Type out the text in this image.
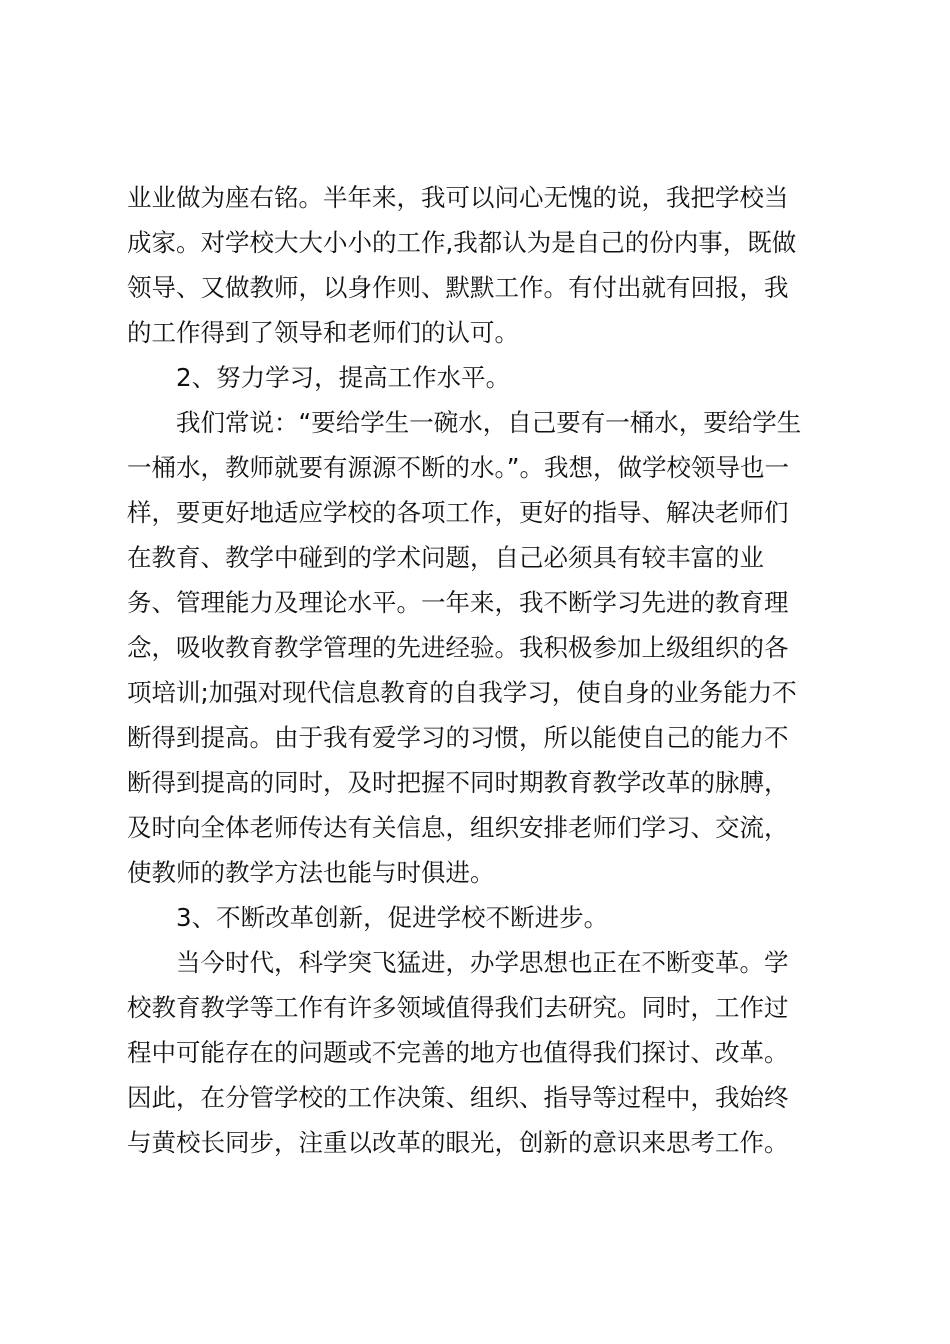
业业做为座右铭。半年来，我可以问心无愧的说，我把学校当
成家。对学校大大小小的工作,我都认为是自己的份内事，既做
领导、又做教师，以身作则、默默工作。有付出就有回报，我
的工作得到了领导和老师们的认可。
2、努力学习，提高工作水平。
我们常说：“要给学生一碗水，自己要有一桶水，要给学生
一桶水，教师就要有源源不断的水。”。我想，做学校领导也一
样，要更好地适应学校的各项工作，更好的指导、解决老师们
在教育、教学中碰到的学术问题，自己必须具有较丰富的业
务、管理能力及理论水平。一年来，我不断学习先进的教育理
念，吸收教育教学管理的先进经验。我积极参加上级组织的各
项培训;加强对现代信息教育的自我学习，使自身的业务能力不
断得到提高。由于我有爱学习的习惯，所以能使自己的能力不
断得到提高的同时，及时把握不同时期教育教学改革的脉膊，
及时向全体老师传达有关信息，组织安排老师们学习、交流，
使教师的教学方法也能与时俱进。
3、不断改革创新，促进学校不断进步。
当今时代，科学突飞猛进，办学思想也正在不断变革。学
校教育教学等工作有许多领域值得我们去研究。同时，工作过
程中可能存在的问题或不完善的地方也值得我们探讨、改革。
因此，在分管学校的工作决策、组织、指导等过程中，我始终
与黄校长同步，注重以改革的眼光，创新的意识来思考工作。
